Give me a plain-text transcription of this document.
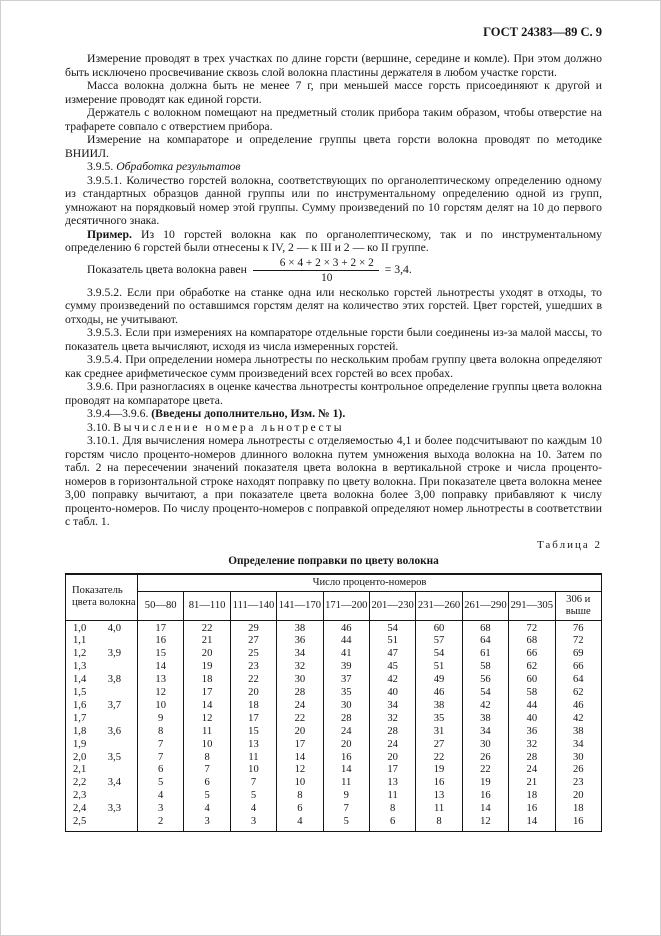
ГОСТ 24383—89 С. 9

Измерение проводят в трех участках по длине горсти (вершине, середине и комле). При этом должно быть исключено просвечивание сквозь слой волокна пластины держателя в любом участке горсти.

Масса волокна должна быть не менее 7 г, при меньшей массе горсть присоединяют к другой и измерение проводят как единой горсти.

Держатель с волокном помещают на предметный столик прибора таким образом, чтобы отверстие на трафарете совпало с отверстием прибора.

Измерение на компараторе и определение группы цвета горсти волокна проводят по методике ВНИИЛ.

3.9.5. Обработка результатов

3.9.5.1. Количество горстей волокна, соответствующих по органолептическому определению одному из стандартных образцов данной группы или по инструментальному определению одной из групп, умножают на порядковый номер этой группы. Сумму произведений по 10 горстям делят на 10 до первого десятичного знака.

Пример. Из 10 горстей волокна как по органолептическому, так и по инструментальному определению 6 горстей были отнесены к IV, 2 — к III и 2 — ко II группе.

Показатель цвета волокна равен $\frac{6 \times 4 + 2 \times 3 + 2 \times 2}{10} = 3,4$.

3.9.5.2. Если при обработке на станке одна или несколько горстей льнотресты уходят в отходы, то сумму произведений по оставшимся горстям делят на количество этих горстей. Цвет горстей, ушедших в отходы, не учитывают.

3.9.5.3. Если при измерениях на компараторе отдельные горсти были соединены из-за малой массы, то показатель цвета вычисляют, исходя из числа измеренных горстей.

3.9.5.4. При определении номера льнотресты по нескольким пробам группу цвета волокна определяют как среднее арифметическое сумм произведений всех горстей во всех пробах.

3.9.6. При разногласиях в оценке качества льнотресты контрольное определение группы цвета волокна проводят на компараторе цвета.

3.9.4—3.9.6. (Введены дополнительно, Изм. № 1).

3.10. Вычисление номера льнотресты

3.10.1. Для вычисления номера льнотресты с отделяемостью 4,1 и более подсчитывают по каждым 10 горстям число проценто-номеров длинного волокна путем умножения выхода волокна на 10. Затем по табл. 2 на пересечении значений показателя цвета волокна в вертикальной строке и числа проценто-номеров в горизонтальной строке находят поправку по цвету волокна. При показателе цвета волокна менее 3,00 поправку вычитают, а при показателе цвета волокна более 3,00 поправку прибавляют к числу проценто-номеров. По числу проценто-номеров с поправкой определяют номер льнотресты в соответствии с табл. 1.

Таблица 2
Определение поправки по цвету волокна
Показатель цвета волокна	Число проценто-номеров									
	50—80	81—110	111—140	141—170	171—200	201—230	231—260	261—290	291—305	306 и выше

1,0 4,0	17	22	29	38	46	54	60	68	72	76

1,1	16	21	27	36	44	51	57	64	68	72

1,2 3,9	15	20	25	34	41	47	54	61	66	69

1,3	14	19	23	32	39	45	51	58	62	66

1,4 3,8	13	18	22	30	37	42	49	56	60	64

1,5	12	17	20	28	35	40	46	54	58	62

1,6 3,7	10	14	18	24	30	34	38	42	44	46

1,7	9	12	17	22	28	32	35	38	40	42

1,8 3,6	8	11	15	20	24	28	31	34	36	38

1,9	7	10	13	17	20	24	27	30	32	34

2,0 3,5	7	8	11	14	16	20	22	26	28	30

2,1	6	7	10	12	14	17	19	22	24	26

2,2 3,4	5	6	7	10	11	13	16	19	21	23

2,3	4	5	5	8	9	11	13	16	18	20

2,4 3,3	3	4	4	6	7	8	11	14	16	18

2,5	2	3	3	4	5	6	8	12	14	16
